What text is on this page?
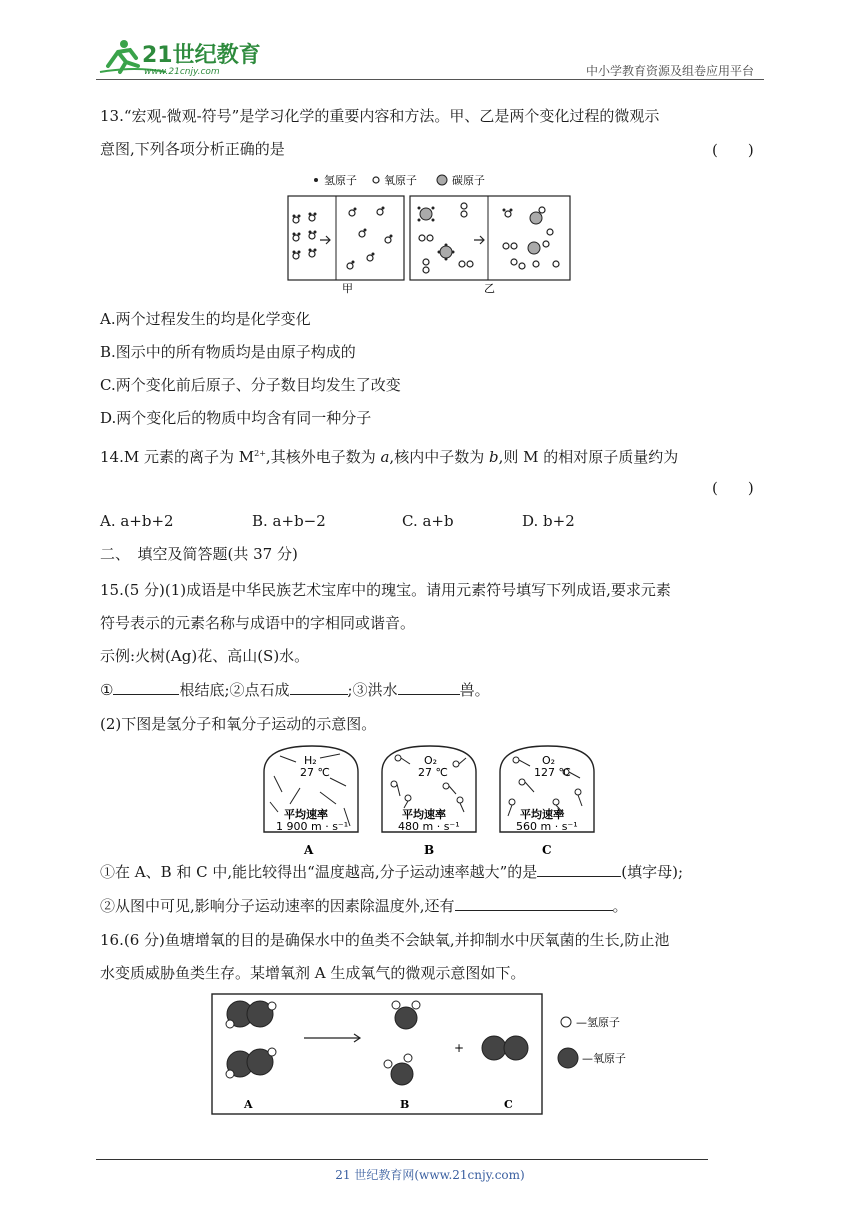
21世纪教育
www.21cnjy.com	中小学教育资源及组卷应用平台
13.“宏观-微观-符号”是学习化学的重要内容和方法。甲、乙是两个变化过程的微观示
意图,下列各项分析正确的是	(　　)
氢原子 氧原子	碳原子
甲	乙
A.两个过程发生的均是化学变化
B.图示中的所有物质均是由原子构成的
C.两个变化前后原子、分子数目均发生了改变
D.两个变化后的物质中均含有同一种分子
14.M 元素的离子为 $M^{2+}$,其核外电子数为 a,核内中子数为 b,则 M 的相对原子质量约为
(　　)
A. a+b+2	B. a+b−2	C. a+b	D. b+2
二、　填空及简答题(共 37 分)
15.(5 分)(1)成语是中华民族艺术宝库中的瑰宝。请用元素符号填写下列成语,要求元素
符号表示的元素名称与成语中的字相同或谐音。
示例:火树(Ag)花、高山(S)水。
①	根结底;②点石成	;③洪水	兽。
(2)下图是氢分子和氧分子运动的示意图。
H₂
27 ℃
平均速率
1 900 m · s⁻¹
A
O₂
27 ℃
平均速率
480 m · s⁻¹
B
O₂
127 ℃
平均速率
560 m · s⁻¹
C
①在 A、B 和 C 中,能比较得出“温度越高,分子运动速率越大”的是	(填字母);
②从图中可见,影响分子运动速率的因素除温度外,还有	。
16.(6 分)鱼塘增氧的目的是确保水中的鱼类不会缺氧,并抑制水中厌氧菌的生长,防止池
水变质威胁鱼类生存。某增氧剂 A 生成氧气的微观示意图如下。
A	B
+
C
—氢原子
—氧原子
21 世纪教育网(www.21cnjy.com)
